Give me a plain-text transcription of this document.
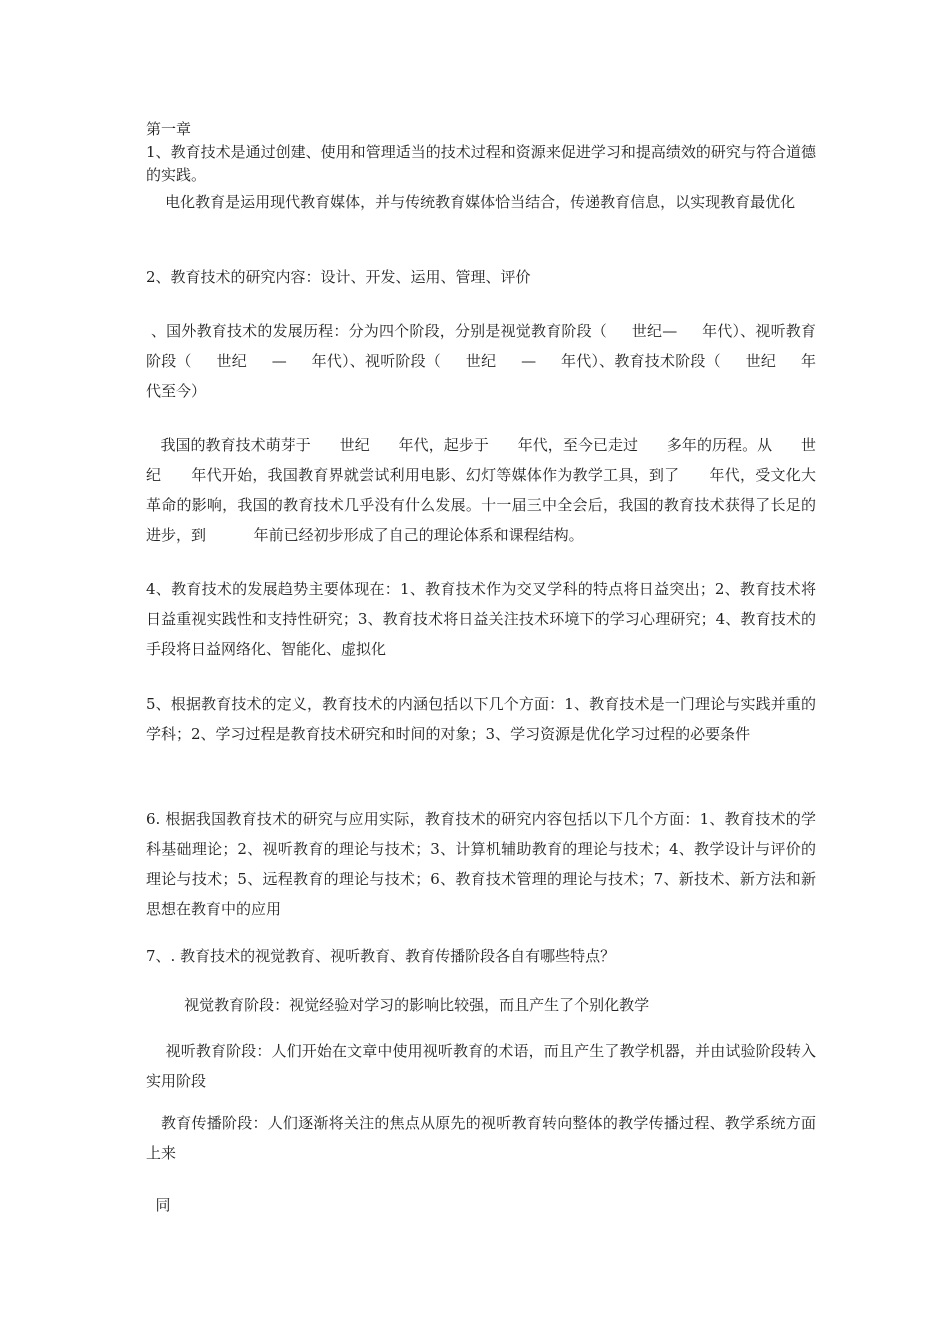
第一章

1、教育技术是通过创建、使用和管理适当的技术过程和资源来促进学习和提高绩效的研究与符合道德的实践。

电化教育是运用现代教育媒体，并与传统教育媒体恰当结合，传递教育信息，以实现教育最优化

2、教育技术的研究内容：设计、开发、运用、管理、评价

、国外教育技术的发展历程：分为四个阶段，分别是视觉教育阶段（     世纪—     年代）、视听教育阶段（     世纪     —     年代）、视听阶段（     世纪     —     年代）、教育技术阶段（     世纪     年代至今）

我国的教育技术萌芽于      世纪      年代，起步于      年代，至今已走过      多年的历程。从      世纪      年代开始，我国教育界就尝试利用电影、幻灯等媒体作为教学工具，到了      年代，受文化大革命的影响，我国的教育技术几乎没有什么发展。十一届三中全会后，我国的教育技术获得了长足的进步，到          年前已经初步形成了自己的理论体系和课程结构。

4、教育技术的发展趋势主要体现在：1、教育技术作为交叉学科的特点将日益突出；2、教育技术将日益重视实践性和支持性研究；3、教育技术将日益关注技术环境下的学习心理研究；4、教育技术的手段将日益网络化、智能化、虚拟化

5、根据教育技术的定义，教育技术的内涵包括以下几个方面：1、教育技术是一门理论与实践并重的学科；2、学习过程是教育技术研究和时间的对象；3、学习资源是优化学习过程的必要条件

6. 根据我国教育技术的研究与应用实际，教育技术的研究内容包括以下几个方面：1、教育技术的学科基础理论；2、视听教育的理论与技术；3、计算机辅助教育的理论与技术；4、教学设计与评价的理论与技术；5、远程教育的理论与技术；6、教育技术管理的理论与技术；7、新技术、新方法和新思想在教育中的应用

7、. 教育技术的视觉教育、视听教育、教育传播阶段各自有哪些特点？

视觉教育阶段：视觉经验对学习的影响比较强，而且产生了个别化教学

视听教育阶段：人们开始在文章中使用视听教育的术语，而且产生了教学机器，并由试验阶段转入实用阶段

教育传播阶段：人们逐渐将关注的焦点从原先的视听教育转向整体的教学传播过程、教学系统方面上来

同
